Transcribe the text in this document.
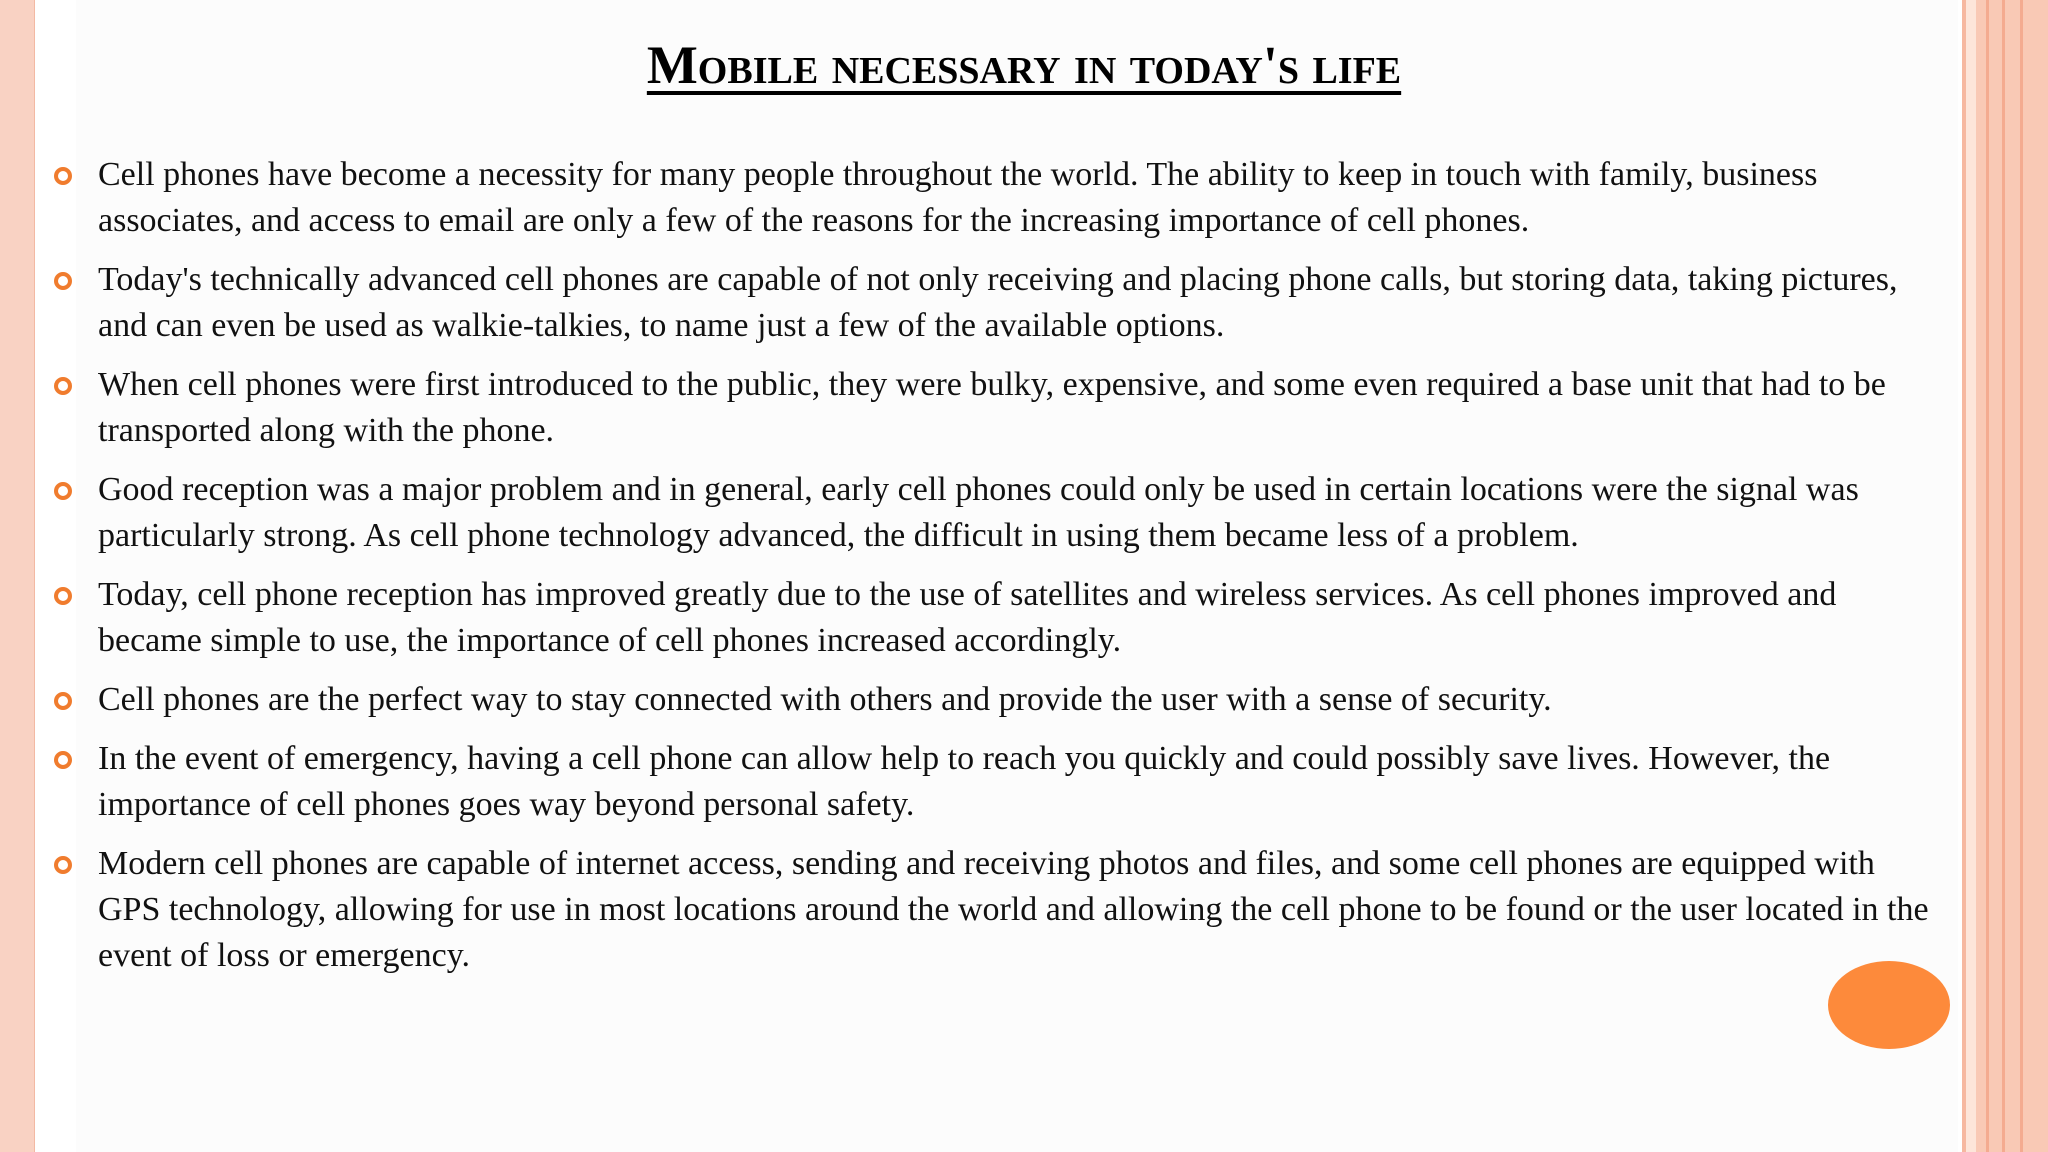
Mobile necessary in today's life
Cell phones have become a necessity for many people throughout the world. The ability to keep in touch with family, business associates, and access to email are only a few of the reasons for the increasing importance of cell phones.
Today's technically advanced cell phones are capable of not only receiving and placing phone calls, but storing data, taking pictures, and can even be used as walkie-talkies, to name just a few of the available options.
When cell phones were first introduced to the public, they were bulky, expensive, and some even required a base unit that had to be transported along with the phone.
Good reception was a major problem and in general, early cell phones could only be used in certain locations were the signal was particularly strong. As cell phone technology advanced, the difficult in using them became less of a problem.
Today, cell phone reception has improved greatly due to the use of satellites and wireless services. As cell phones improved and became simple to use, the importance of cell phones increased accordingly.
Cell phones are the perfect way to stay connected with others and provide the user with a sense of security.
In the event of emergency, having a cell phone can allow help to reach you quickly and could possibly save lives. However, the importance of cell phones goes way beyond personal safety.
Modern cell phones are capable of internet access, sending and receiving photos and files, and some cell phones are equipped with GPS technology, allowing for use in most locations around the world and allowing the cell phone to be found or the user located in the event of loss or emergency.
